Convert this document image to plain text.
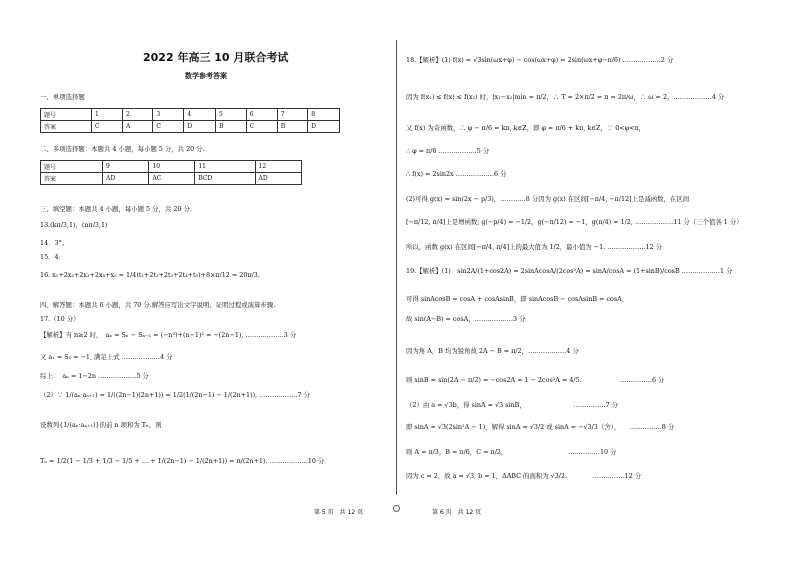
2022 年高三 10 月联合考试
数学参考答案
一、单项选择题
题号	1	2	3	4	5	6	7	8
答案	C	A	C	D	B	C	B	D
二、多项选择题：本题共 4 小题，每小题 5 分，共 20 分.
题号	9	10	11	12
答案	AD	AC	BCD	AD
三、填空题：本题共 4 小题，每小题 5 分，共 20 分.
13.(kπ/3,1)，(nπ/3,1)
14．3°。
15．4．
16. x₁+2x₂+2x₃+2x₄+x₅ = 1/4(t₁+2t₂+2t₃+2t₄+t₅)+8×π/12 = 20π/3.
四、解答题：本题共 6 小题，共 70 分.解答应写出文字说明、证明过程或演算步骤.
17.（10 分）
【解析】当 n≥2 时，　aₙ = Sₙ − Sₙ₋₁ = (−n²)+(n−1)² = −(2n−1), ………………3 分
又 a₁ = S₁ = −1, 满足上式 ………………4 分
综上：　aₙ = 1−2n ………………5 分
（2）∵ 1/(aₙ·aₙ₊₁) = 1/((2n−1)(2n+1)) = 1/2(1/(2n−1) − 1/(2n+1)), ………………7 分
设数列{1/(aₙ·aₙ₊₁)}的前 n 项和为 Tₙ，则
Tₙ = 1/2(1 − 1/3 + 1/3 − 1/5 + … + 1/(2n−1) − 1/(2n+1)) = n/(2n+1). ………………10 分
18.【解析】(1) f(x) = √3sin(ωx+φ) − cos(ωx+φ) = 2sin(ωx+φ−π/6) ………………2 分
因为 f(x₁) ≤ f(x) ≤ f(x₂) 时，|x₁−x₂|min = π/2，∴ T = 2×π/2 = π = 2π/ω，∴ ω = 2，………………4 分
又 f(x) 为奇函数，∴ φ − π/6 = kπ, k∈Z，即 φ = π/6 + kπ, k∈Z，∵ 0<φ<π，
∴ φ = π/6 ………………5 分
∴ f(x) = 2sin2x ………………6 分
(2)可得 g(x) = sin(2x − p/3)，…………8 分因为 g(x) 在区间[−π/4, −π/12]上是减函数，在区间
[−π/12, π/4]上是增函数, g(−p/4) = −1/2，g(−π/12) = −1，g(π/4) = 1/2, ………………11 分（三个值各 1 分）
所以，函数 g(x) 在区间[−π/4, π/4]上的最大值为 1/2，最小值为 −1. ………………12 分
19.【解析】(1)　sin2A/(1+cos2A) = 2sinAcosA/(2cos²A) = sinA/cosA = (1+sinB)/cosB ………………1 分
可得 sinAcosB = cosA + cosAsinB，即 sinAcosB − cosAsinB = cosA，
故 sin(A−B) = cosA，………………3 分
因为角 A，B 均为锐角故 2A − B = π/2，………………4 分
则 sinB = sin(2A − π/2) = −cos2A = 1 − 2cos²A = 4/5.　　　　　　……………6 分
（2）由 a = √3b，得 sinA = √3 sinB，　　　　　　　　……………7 分
即 sinA = √3(2sin²A − 1)，解得 sinA = √3/2 或 sinA = −√3/3（舍），　　……………8 分
则 A = π/3，B = π/6，C = π/2，　　　　　　　　　　……………10 分
因为 c = 2，故 a = √3, b = 1，ΔABC 的面积为 √3/2.　　　　……………12 分
第 5 页　共 12 页	第 6 页　共 12 页
